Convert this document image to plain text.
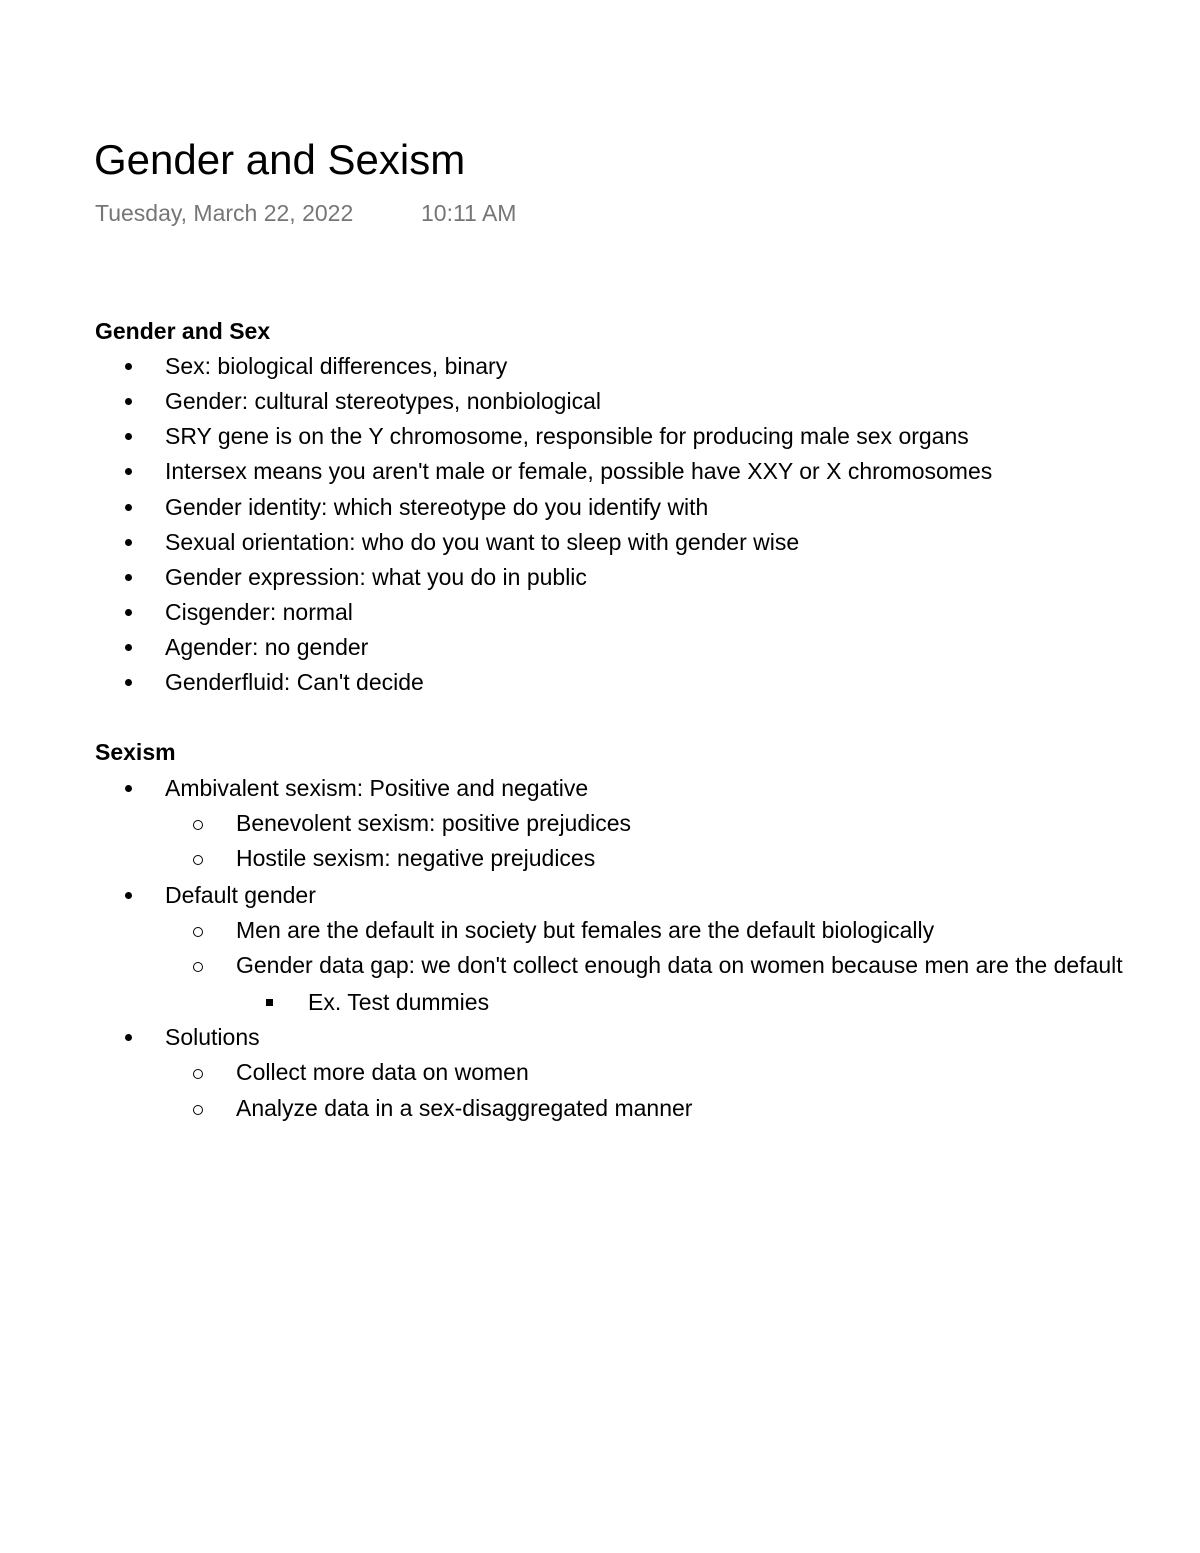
Gender and Sexism
Tuesday, March 22, 2022	10:11 AM
Gender and Sex
Sex: biological differences, binary
Gender: cultural stereotypes, nonbiological
SRY gene is on the Y chromosome, responsible for producing male sex organs
Intersex means you aren't male or female, possible have XXY or X chromosomes
Gender identity: which stereotype do you identify with
Sexual orientation: who do you want to sleep with gender wise
Gender expression: what you do in public
Cisgender: normal
Agender: no gender
Genderfluid: Can't decide
Sexism
Ambivalent sexism: Positive and negative
Benevolent sexism: positive prejudices
Hostile sexism: negative prejudices
Default gender
Men are the default in society but females are the default biologically
Gender data gap: we don't collect enough data on women because men are the default
Ex. Test dummies
Solutions
Collect more data on women
Analyze data in a sex-disaggregated manner
